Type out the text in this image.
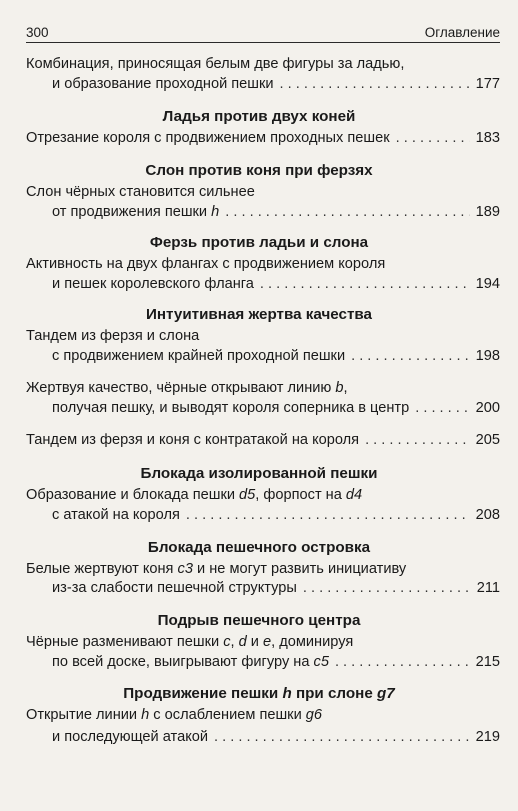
300	Оглавление
Комбинация, приносящая белым две фигуры за ладью,
и образование проходной пешки . . .	177
Ладья против двух коней
Отрезание короля с продвижением проходных пешек . . .	183
Слон против коня при ферзях
Слон чёрных становится сильнее
от продвижения пешки h . . .	189
Ферзь против ладьи и слона
Активность на двух флангах с продвижением короля
и пешек королевского фланга . . .	194
Интуитивная жертва качества
Тандем из ферзя и слона
с продвижением крайней проходной пешки . . .	198
Жертвуя качество, чёрные открывают линию b,
получая пешку, и выводят короля соперника в центр . . .	200
Тандем из ферзя и коня с контратакой на короля . . .	205
Блокада изолированной пешки
Образование и блокада пешки d5, форпост на d4
с атакой на короля . . .	208
Блокада пешечного островка
Белые жертвуют коня c3 и не могут развить инициативу
из-за слабости пешечной структуры . . .	211
Подрыв пешечного центра
Чёрные разменивают пешки c, d и e, доминируя
по всей доске, выигрывают фигуру на c5 . . .	215
Продвижение пешки h при слоне g7
Открытие линии h с ослаблением пешки g6
и последующей атакой . . .	219
